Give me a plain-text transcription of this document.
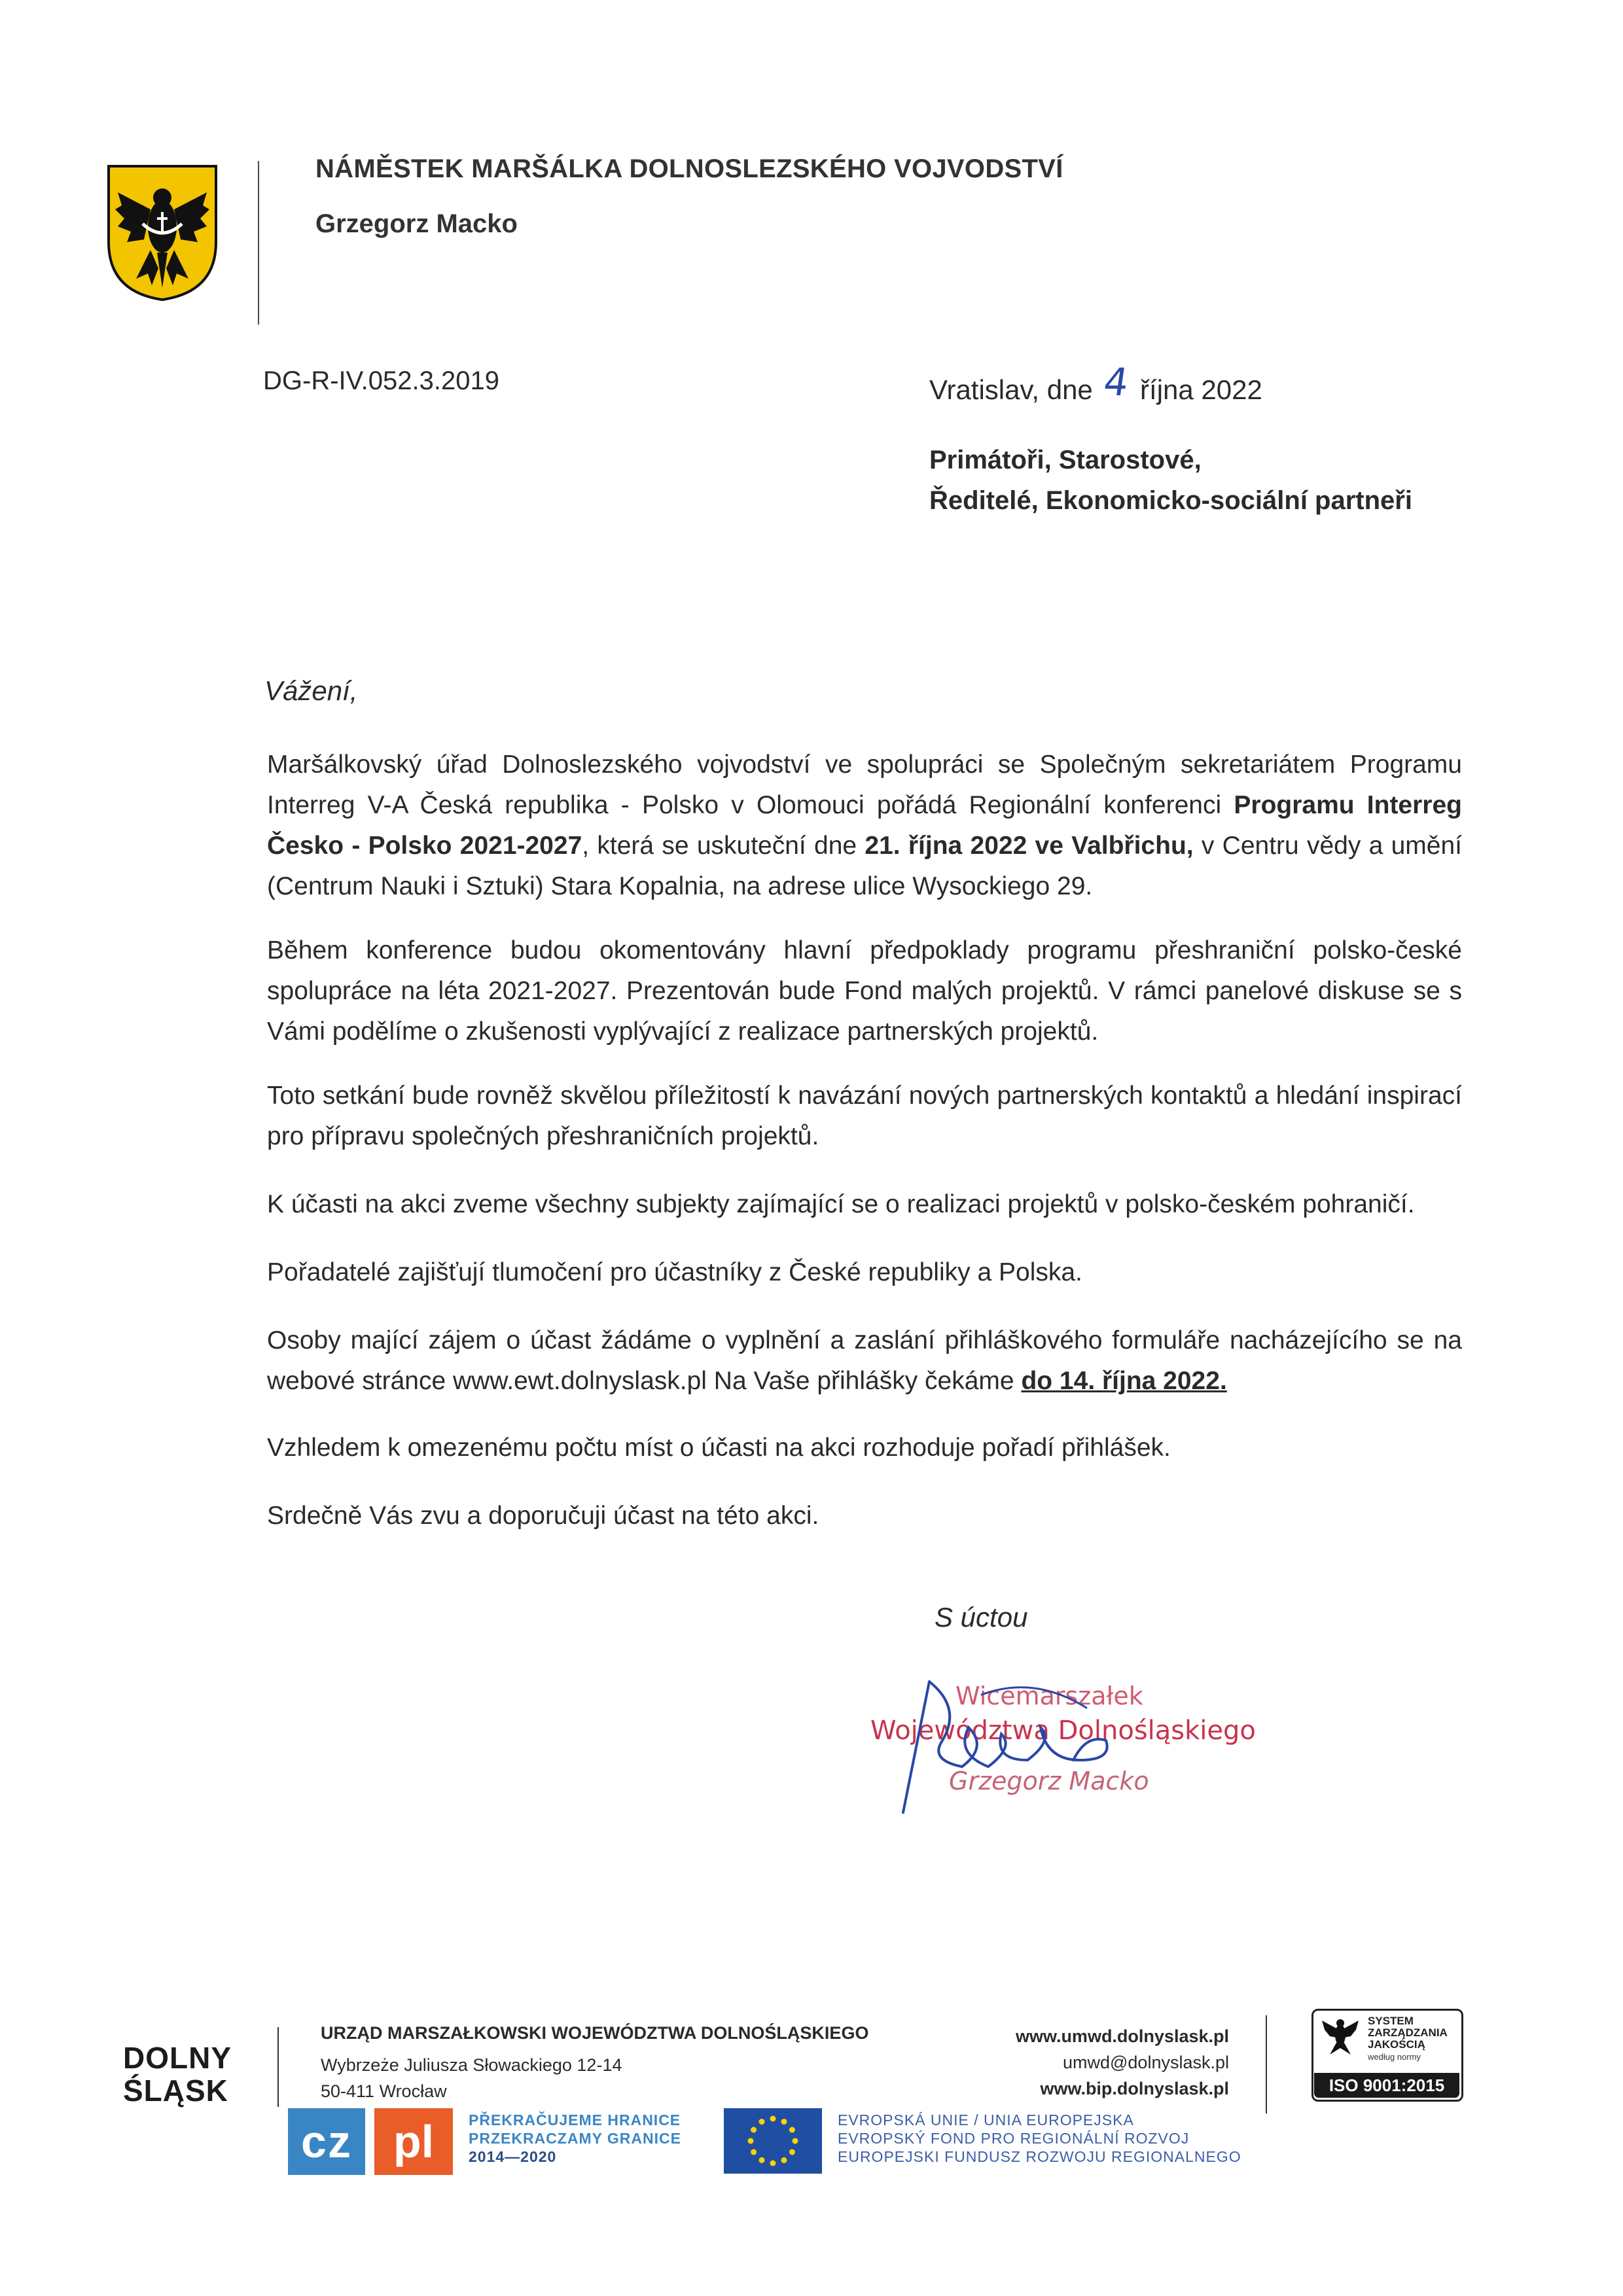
NÁMĚSTEK MARŠÁLKA DOLNOSLEZSKÉHO VOJVODSTVÍ
Grzegorz Macko
DG-R-IV.052.3.2019	Vratislav, dne 4 října 2022
Primátoři, Starostové,
Ředitelé, Ekonomicko-sociální partneři
Vážení,
Maršálkovský úřad Dolnoslezského vojvodství ve spolupráci se Společným sekretariátem Programu Interreg V-A Česká republika - Polsko v Olomouci pořádá Regionální konferenci Programu Interreg Česko - Polsko 2021-2027, která se uskuteční dne 21. října 2022 ve Valbřichu, v Centru vědy a umění (Centrum Nauki i Sztuki) Stara Kopalnia, na adrese ulice Wysockiego 29.
Během konference budou okomentovány hlavní předpoklady programu přeshraniční polsko-české spolupráce na léta 2021-2027. Prezentován bude Fond malých projektů. V rámci panelové diskuse se s Vámi podělíme o zkušenosti vyplývající z realizace partnerských projektů.
Toto setkání bude rovněž skvělou příležitostí k navázání nových partnerských kontaktů a hledání inspirací pro přípravu společných přeshraničních projektů.
K účasti na akci zveme všechny subjekty zajímající se o realizaci projektů v polsko-českém pohraničí.
Pořadatelé zajišťují tlumočení pro účastníky z České republiky a Polska.
Osoby mající zájem o účast žádáme o vyplnění a zaslání přihláškového formuláře nacházejícího se na webové stránce www.ewt.dolnyslask.pl Na Vaše přihlášky čekáme do 14. října 2022.
Vzhledem k omezenému počtu míst o účasti na akci rozhoduje pořadí přihlášek.
Srdečně Vás zvu a doporučuji účast na této akci.
S úctou
Wicemarszałek
Województwa Dolnośląskiego
Grzegorz Macko
DOLNY
ŚLĄSK
URZĄD MARSZAŁKOWSKI WOJEWÓDZTWA DOLNOŚLĄSKIEGO
Wybrzeże Juliusza Słowackiego 12-14
50-411 Wrocław
www.umwd.dolnyslask.pl
umwd@dolnyslask.pl
www.bip.dolnyslask.pl
SYSTEM
ZARZĄDZANIA
JAKOŚCIĄ
według normy
ISO 9001:2015
cz pl	PŘEKRAČUJEME HRANICE
PRZEKRACZAMY GRANICE
2014—2020
EVROPSKÁ UNIE / UNIA EUROPEJSKA
EVROPSKÝ FOND PRO REGIONÁLNÍ ROZVOJ
EUROPEJSKI FUNDUSZ ROZWOJU REGIONALNEGO
